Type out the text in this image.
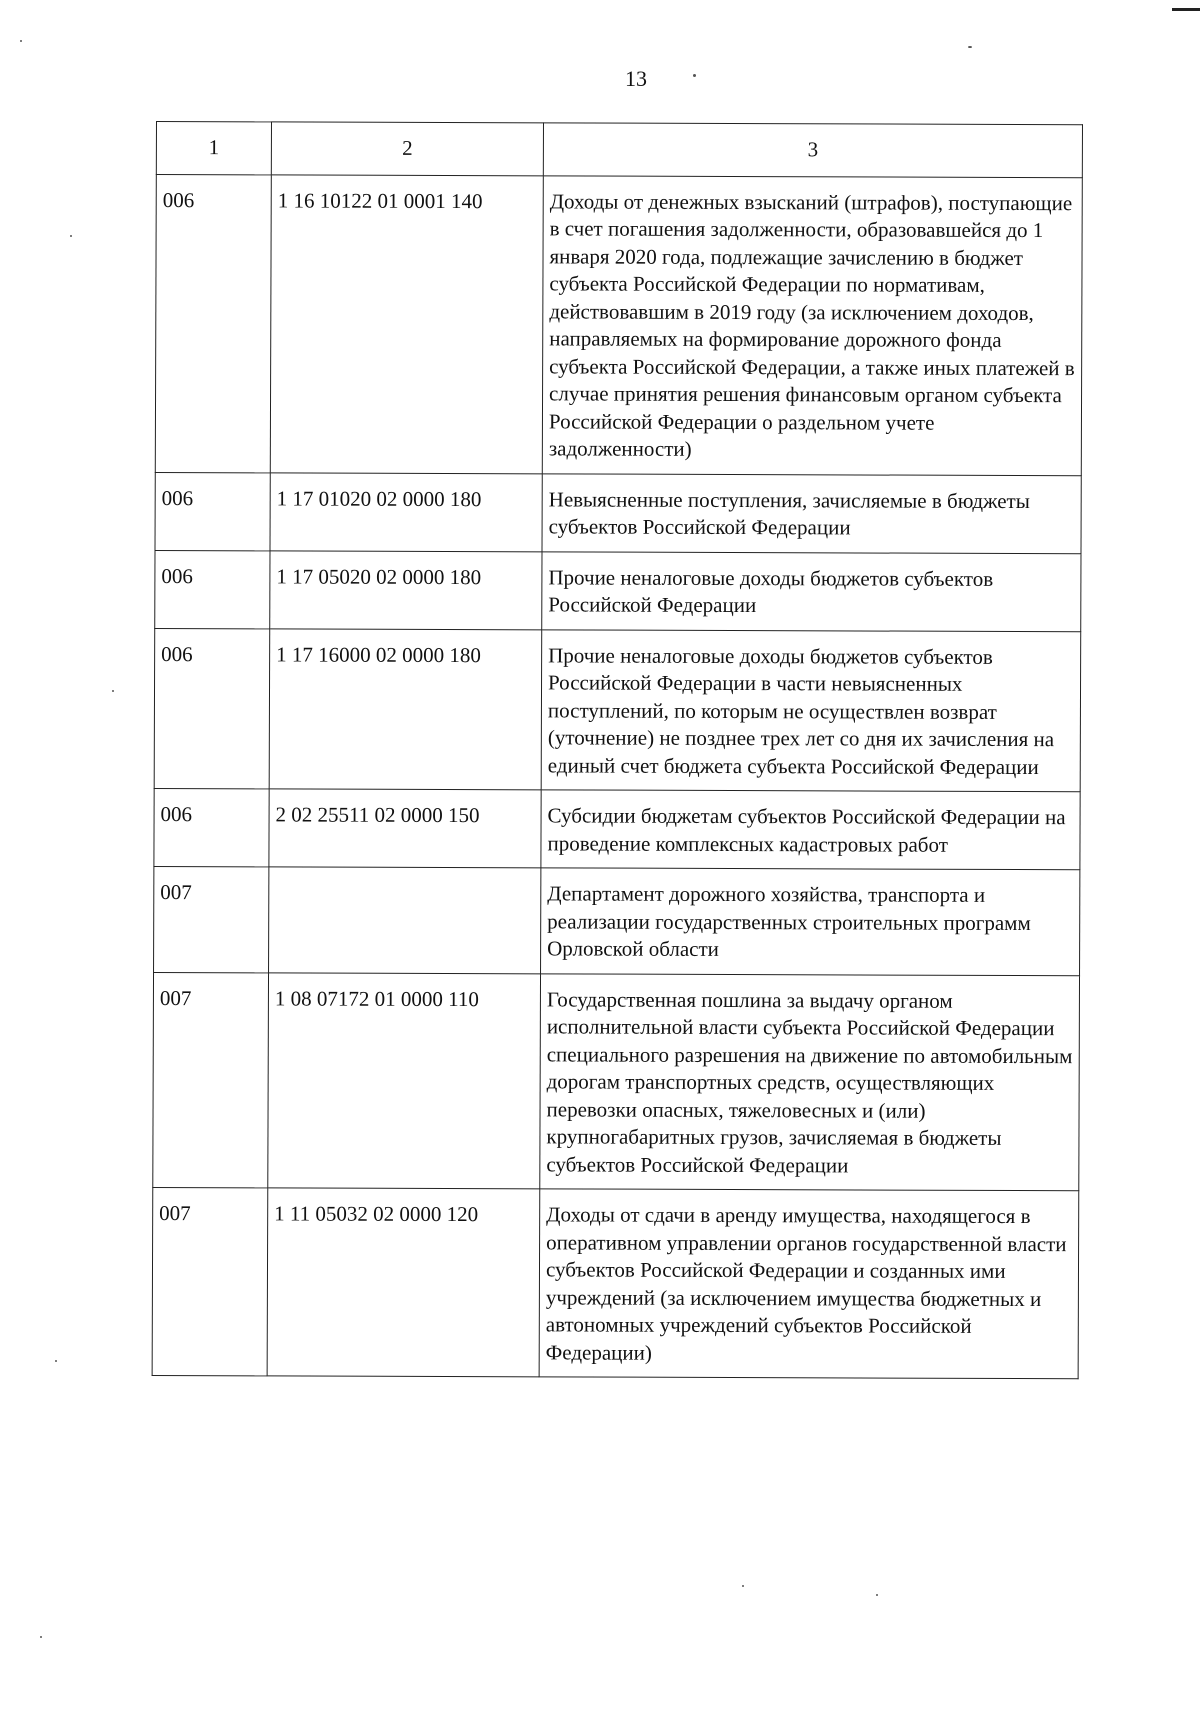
13
1	2	3
006	1 16 10122 01 0001 140	Доходы от денежных взысканий (штрафов), поступающие в счет погашения задолженности, образовавшейся до 1 января 2020 года, подлежащие зачислению в бюджет субъекта Российской Федерации по нормативам, действовавшим в 2019 году (за исключением доходов, направляемых на формирование дорожного фонда субъекта Российской Федерации, а также иных платежей в случае принятия решения финансовым органом субъекта Российской Федерации о раздельном учете задолженности)
006	1 17 01020 02 0000 180	Невыясненные поступления, зачисляемые в бюджеты субъектов Российской Федерации
006	1 17 05020 02 0000 180	Прочие неналоговые доходы бюджетов субъектов Российской Федерации
006	1 17 16000 02 0000 180	Прочие неналоговые доходы бюджетов субъектов Российской Федерации в части невыясненных поступлений, по которым не осуществлен возврат (уточнение) не позднее трех лет со дня их зачисления на единый счет бюджета субъекта Российской Федерации
006	2 02 25511 02 0000 150	Субсидии бюджетам субъектов Российской Федерации на проведение комплексных кадастровых работ
007		Департамент дорожного хозяйства, транспорта и реализации государственных строительных программ Орловской области
007	1 08 07172 01 0000 110	Государственная пошлина за выдачу органом исполнительной власти субъекта Российской Федерации специального разрешения на движение по автомобильным дорогам транспортных средств, осуществляющих перевозки опасных, тяжеловесных и (или) крупногабаритных грузов, зачисляемая в бюджеты субъектов Российской Федерации
007	1 11 05032 02 0000 120	Доходы от сдачи в аренду имущества, находящегося в оперативном управлении органов государственной власти субъектов Российской Федерации и созданных ими учреждений (за исключением имущества бюджетных и автономных учреждений субъектов Российской Федерации)
